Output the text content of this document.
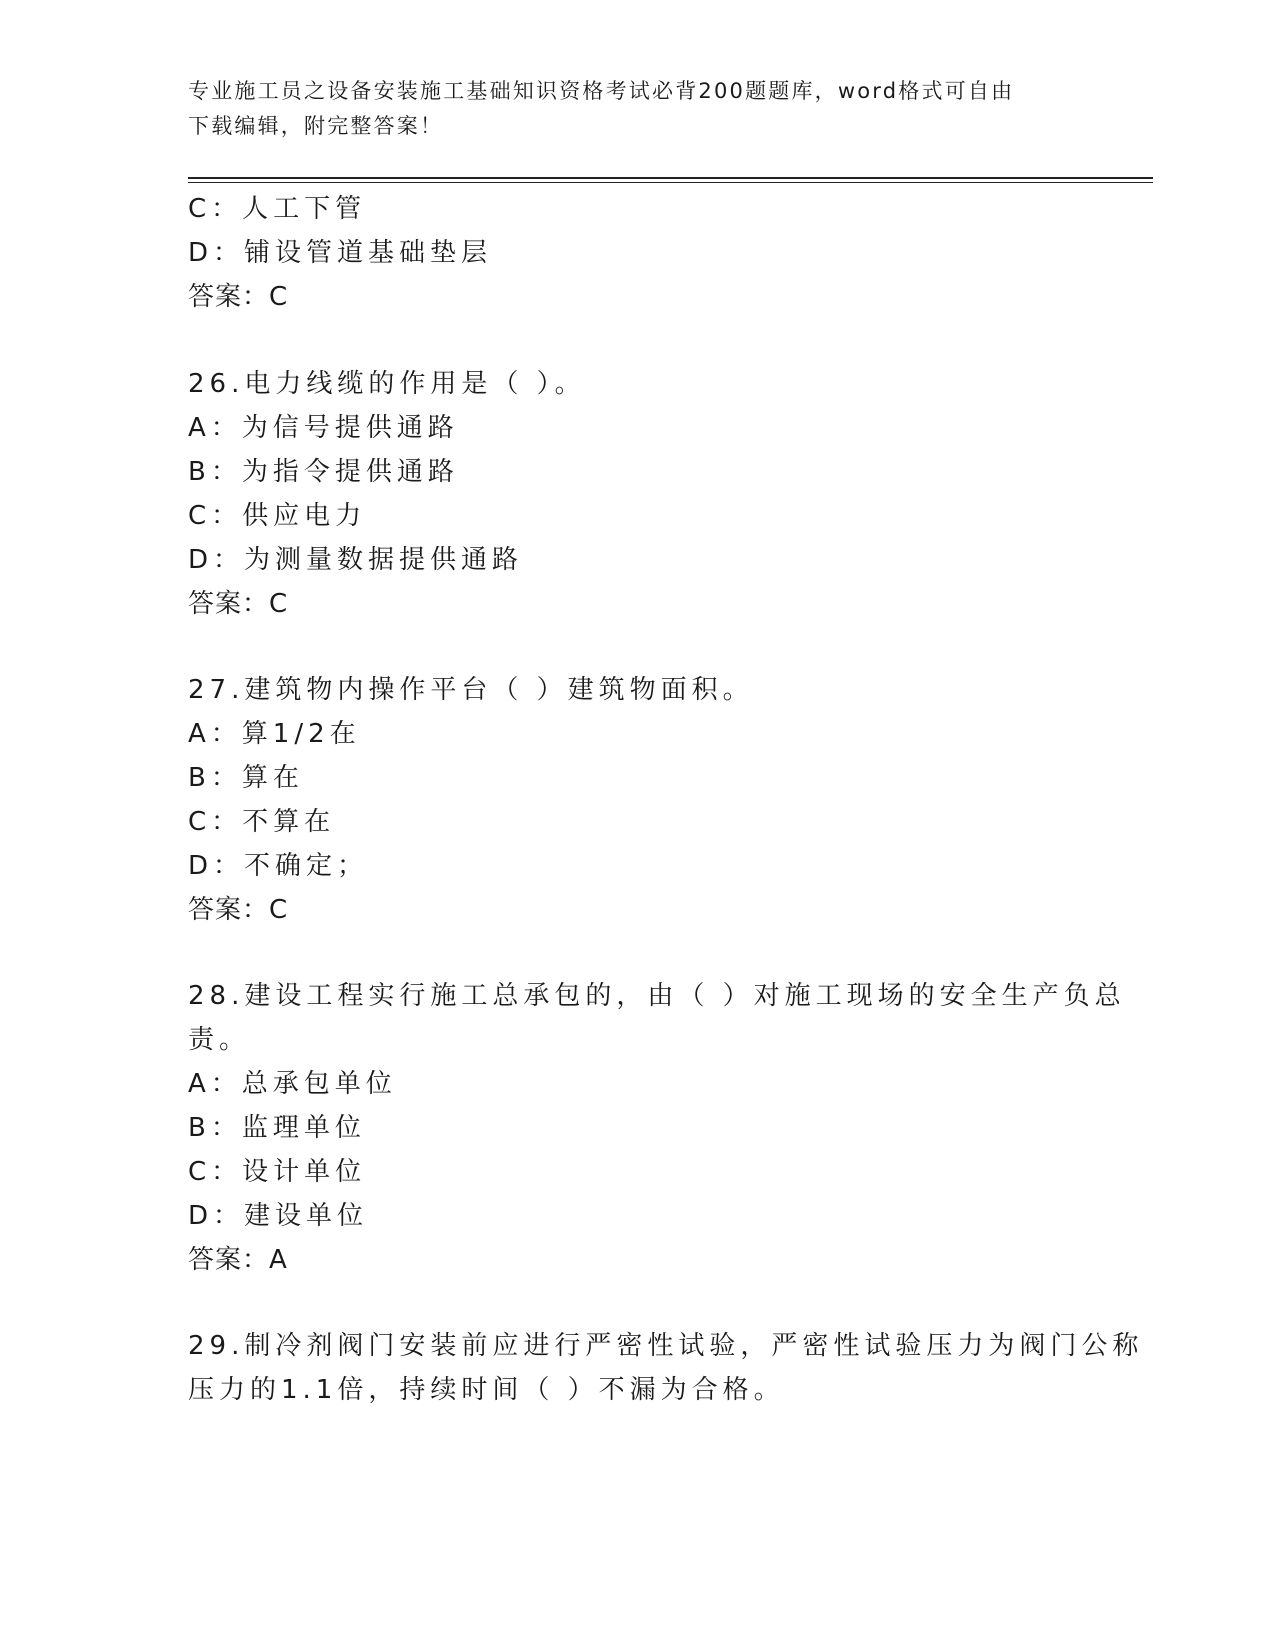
专业施工员之设备安装施工基础知识资格考试必背200题题库，word格式可自由
下载编辑，附完整答案！
C：人工下管
D：铺设管道基础垫层
答案：C
26.电力线缆的作用是（ ）。
A：为信号提供通路
B：为指令提供通路
C：供应电力
D：为测量数据提供通路
答案：C
27.建筑物内操作平台（ ）建筑物面积。
A：算1/2在
B：算在
C：不算在
D：不确定；
答案：C
28.建设工程实行施工总承包的，由（ ）对施工现场的安全生产负总
责。
A：总承包单位
B：监理单位
C：设计单位
D：建设单位
答案：A
29.制冷剂阀门安装前应进行严密性试验，严密性试验压力为阀门公称
压力的1.1倍，持续时间（ ）不漏为合格。
